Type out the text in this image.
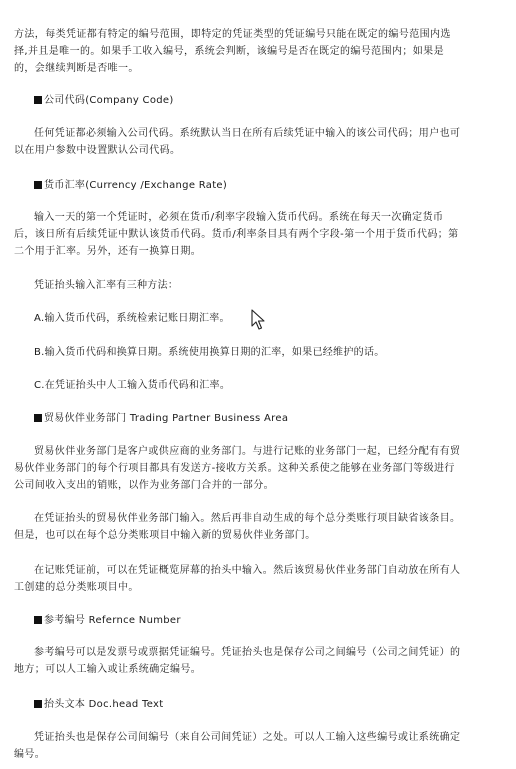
方法，每类凭证都有特定的编号范围，即特定的凭证类型的凭证编号只能在既定的编号范围内选择,并且是唯一的。如果手工收入编号，系统会判断，该编号是否在既定的编号范围内；如果是的，会继续判断是否唯一。

公司代码(Company Code)

任何凭证都必须输入公司代码。系统默认当日在所有后续凭证中输入的该公司代码；用户也可以在用户参数中设置默认公司代码。

货币汇率(Currency /Exchange Rate)

输入一天的第一个凭证时，必须在货币/利率字段输入货币代码。系统在每天一次确定货币后，该日所有后续凭证中默认该货币代码。货币/利率条目具有两个字段-第一个用于货币代码；第二个用于汇率。另外，还有一换算日期。

凭证抬头输入汇率有三种方法：

A.输入货币代码，系统检索记账日期汇率。

B.输入货币代码和换算日期。系统使用换算日期的汇率，如果已经维护的话。

C.在凭证抬头中人工输入货币代码和汇率。

贸易伙伴业务部门 Trading Partner Business Area

贸易伙伴业务部门是客户或供应商的业务部门。与进行记账的业务部门一起，已经分配有有贸易伙伴业务部门的每个行项目都具有发送方-接收方关系。这种关系使之能够在业务部门等级进行公司间收入支出的销账，以作为业务部门合并的一部分。

在凭证抬头的贸易伙伴业务部门输入。然后再非自动生成的每个总分类账行项目缺省该条目。但是，也可以在每个总分类账项目中输入新的贸易伙伴业务部门。

在记账凭证前，可以在凭证概览屏幕的抬头中输入。然后该贸易伙伴业务部门自动放在所有人工创建的总分类账项目中。

参考编号 Refernce Number

参考编号可以是发票号或票据凭证编号。凭证抬头也是保存公司之间编号（公司之间凭证）的地方；可以人工输入或让系统确定编号。

抬头文本 Doc.head Text

凭证抬头也是保存公司间编号（来自公司间凭证）之处。可以人工输入这些编号或让系统确定编号。
